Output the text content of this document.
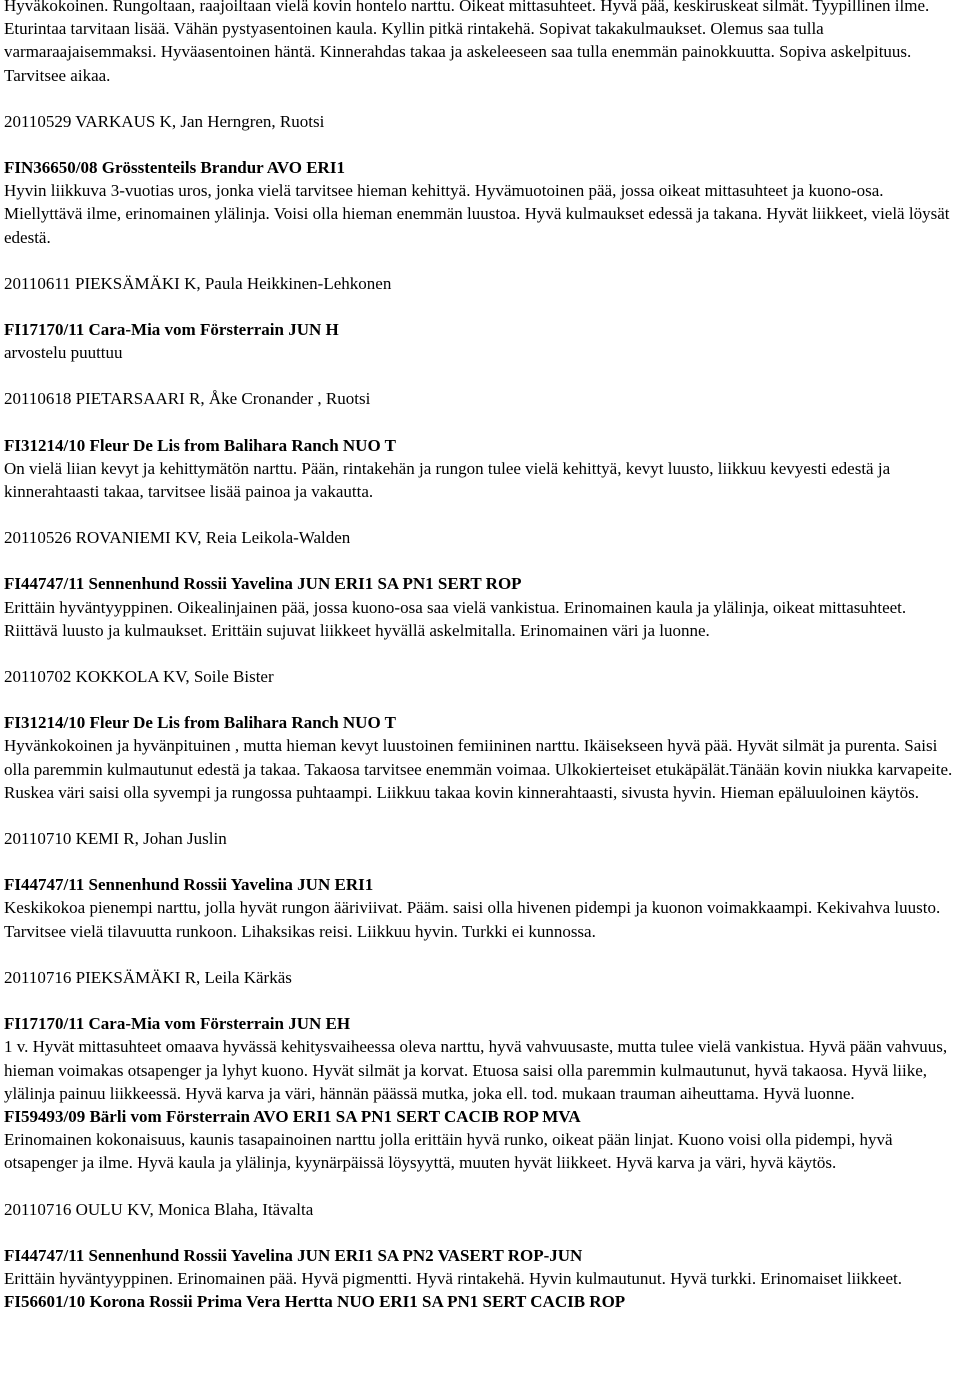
Hyväkokoinen. Rungoltaan, raajoiltaan vielä kovin hontelo narttu. Oikeat mittasuhteet. Hyvä pää, keskiruskeat silmät. Tyypillinen ilme. Eturintaa tarvitaan lisää. Vähän pystyasentoinen kaula. Kyllin pitkä rintakehä. Sopivat takakulmaukset. Olemus saa tulla varmaraajaisemmaksi. Hyväasentoinen häntä. Kinnerahdas takaa ja askeleeseen saa tulla enemmän painokkuutta. Sopiva askelpituus. Tarvitsee aikaa.

20110529 VARKAUS K, Jan Herngren, Ruotsi

FIN36650/08 Grösstenteils Brandur AVO ERI1

Hyvin liikkuva 3-vuotias uros, jonka vielä tarvitsee hieman kehittyä. Hyvämuotoinen pää, jossa oikeat mittasuhteet ja kuono-osa. Miellyttävä ilme, erinomainen ylälinja. Voisi olla hieman enemmän luustoa. Hyvä kulmaukset edessä ja takana. Hyvät liikkeet, vielä löysät edestä.

20110611 PIEKSÄMÄKI K, Paula Heikkinen-Lehkonen

FI17170/11 Cara-Mia vom Försterrain JUN H

arvostelu puuttuu

20110618 PIETARSAARI R, Åke Cronander , Ruotsi

FI31214/10 Fleur De Lis from Balihara Ranch NUO T

On vielä liian kevyt ja kehittymätön narttu. Pään, rintakehän ja rungon tulee vielä kehittyä, kevyt luusto, liikkuu kevyesti edestä ja kinnerahtaasti takaa, tarvitsee lisää painoa ja vakautta.

20110526 ROVANIEMI KV, Reia Leikola-Walden

FI44747/11 Sennenhund Rossii Yavelina JUN ERI1 SA PN1 SERT ROP

Erittäin hyväntyyppinen. Oikealinjainen pää, jossa kuono-osa saa vielä vankistua. Erinomainen kaula ja ylälinja, oikeat mittasuhteet. Riittävä luusto ja kulmaukset. Erittäin sujuvat liikkeet hyvällä askelmitalla. Erinomainen väri ja luonne.

20110702 KOKKOLA KV, Soile Bister

FI31214/10 Fleur De Lis from Balihara Ranch NUO T

Hyvänkokoinen ja hyvänpituinen , mutta hieman kevyt luustoinen femiininen narttu. Ikäisekseen hyvä pää. Hyvät silmät ja purenta. Saisi olla paremmin kulmautunut edestä ja takaa. Takaosa tarvitsee enemmän voimaa. Ulkokierteiset etukäpälät.Tänään kovin niukka karvapeite. Ruskea väri saisi olla syvempi ja rungossa puhtaampi. Liikkuu takaa kovin kinnerahtaasti, sivusta hyvin. Hieman epäluuloinen käytös.

20110710 KEMI R, Johan Juslin

FI44747/11 Sennenhund Rossii Yavelina JUN ERI1

Keskikokoa pienempi narttu, jolla hyvät rungon ääriviivat. Pääm. saisi olla hivenen pidempi ja kuonon voimakkaampi. Kekivahva luusto. Tarvitsee vielä tilavuutta runkoon. Lihaksikas reisi. Liikkuu hyvin. Turkki ei kunnossa.

20110716 PIEKSÄMÄKI R, Leila Kärkäs

FI17170/11 Cara-Mia vom Försterrain JUN EH

1 v. Hyvät mittasuhteet omaava hyvässä kehitysvaiheessa oleva narttu, hyvä vahvuusaste, mutta tulee vielä vankistua. Hyvä pään vahvuus, hieman voimakas otsapenger ja lyhyt kuono. Hyvät silmät ja korvat. Etuosa saisi olla paremmin kulmautunut, hyvä takaosa. Hyvä liike, ylälinja painuu liikkeessä. Hyvä karva ja väri, hännän päässä mutka, joka ell. tod. mukaan trauman aiheuttama. Hyvä luonne.

FI59493/09 Bärli vom Försterrain AVO ERI1 SA PN1 SERT CACIB ROP MVA

Erinomainen kokonaisuus, kaunis tasapainoinen narttu jolla erittäin hyvä runko, oikeat pään linjat. Kuono voisi olla pidempi, hyvä otsapenger ja ilme. Hyvä kaula ja ylälinja, kyynärpäissä löysyyttä, muuten hyvät liikkeet. Hyvä karva ja väri, hyvä käytös.

20110716 OULU KV, Monica Blaha, Itävalta

FI44747/11 Sennenhund Rossii Yavelina JUN ERI1 SA PN2 VASERT ROP-JUN

Erittäin hyväntyyppinen. Erinomainen pää. Hyvä pigmentti. Hyvä rintakehä. Hyvin kulmautunut. Hyvä turkki. Erinomaiset liikkeet.

FI56601/10 Korona Rossii Prima Vera Hertta NUO ERI1 SA PN1 SERT CACIB ROP
